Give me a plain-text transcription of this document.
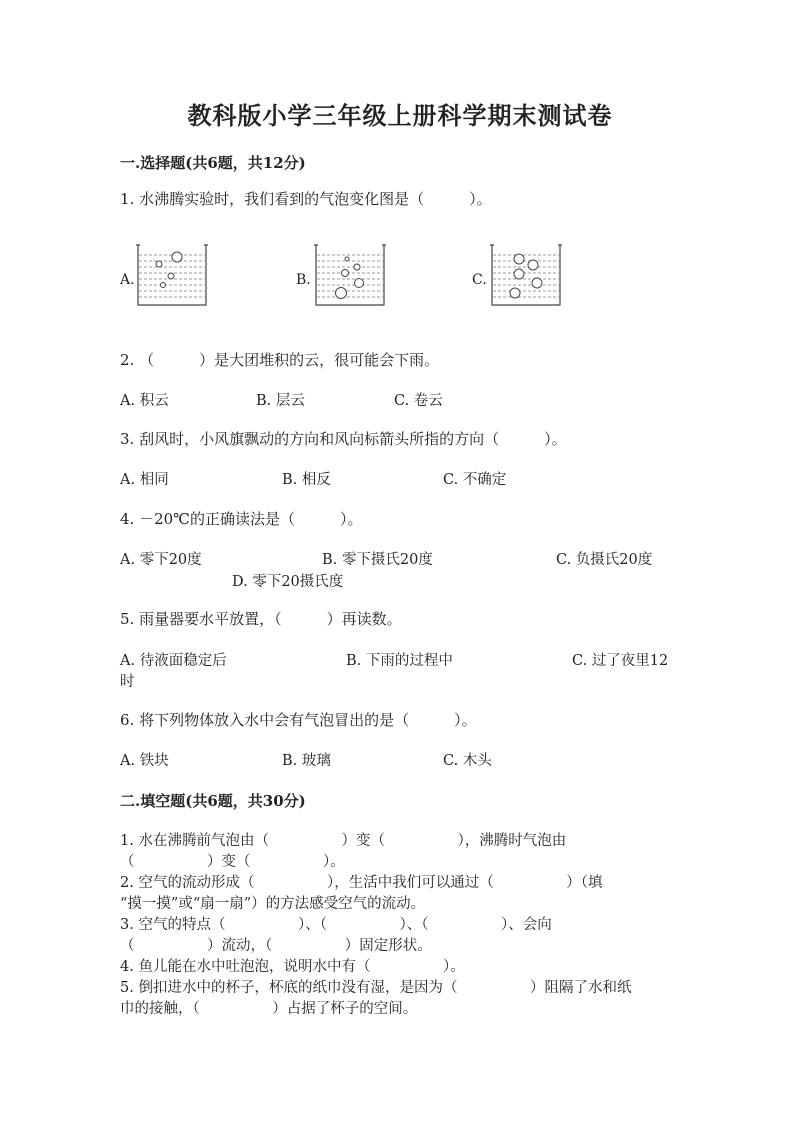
教科版小学三年级上册科学期末测试卷
一.选择题(共6题，共12分)
1. 水沸腾实验时，我们看到的气泡变化图是（　　　）。
A.	B.	C.
2. （　　　）是大团堆积的云，很可能会下雨。
A. 积云	B. 层云	C. 卷云
3. 刮风时，小风旗飘动的方向和风向标箭头所指的方向（　　　）。
A. 相同	B. 相反	C. 不确定
4. －20℃的正确读法是（　　　）。
A. 零下20度	B. 零下摄氏20度	C. 负摄氏20度
D. 零下20摄氏度
5. 雨量器要水平放置，（　　　）再读数。
A. 待液面稳定后	B. 下雨的过程中	C. 过了夜里12
时
6. 将下列物体放入水中会有气泡冒出的是（　　　）。
A. 铁块	B. 玻璃	C. 木头
二.填空题(共6题，共30分)
1. 水在沸腾前气泡由（　　　　　）变（　　　　　），沸腾时气泡由
（　　　　　）变（　　　　　）。
2. 空气的流动形成（　　　　　），生活中我们可以通过（　　　　　）（填
“摸一摸”或“扇一扇”）的方法感受空气的流动。
3. 空气的特点（　　　　　）、（　　　　　）、（　　　　　）、会向
（　　　　　）流动，（　　　　　）固定形状。
4. 鱼儿能在水中吐泡泡，说明水中有（　　　　　）。
5. 倒扣进水中的杯子，杯底的纸巾没有湿，是因为（　　　　　）阻隔了水和纸
巾的接触，（　　　　　）占据了杯子的空间。
